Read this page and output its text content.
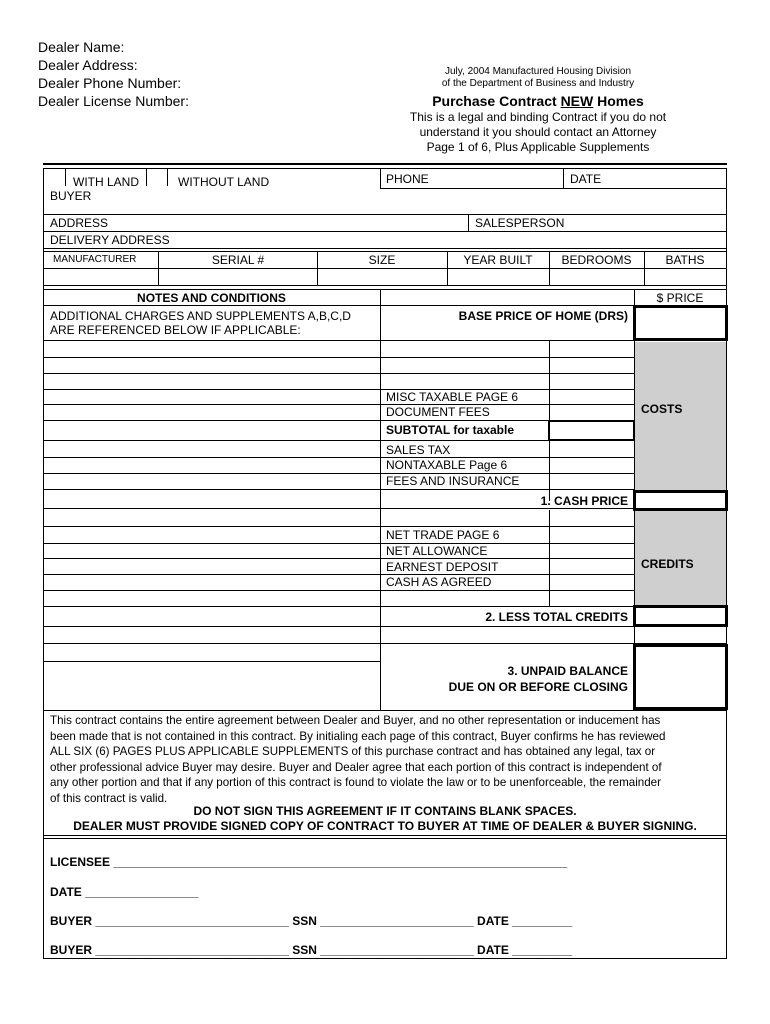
Dealer Name:
Dealer Address:
Dealer Phone Number:
Dealer License Number:
July, 2004 Manufactured Housing Division
of the Department of Business and Industry
Purchase Contract NEW Homes
This is a legal and binding Contract if you do not
understand it you should contact an Attorney
Page 1 of 6, Plus Applicable Supplements
WITH LAND	WITHOUT LAND	PHONE	DATE
BUYER
ADDRESS	SALESPERSON
DELIVERY ADDRESS
MANUFACTURER	SERIAL #	SIZE	YEAR BUILT	BEDROOMS	BATHS
NOTES AND CONDITIONS	$ PRICE
ADDITIONAL CHARGES AND SUPPLEMENTS A,B,C,D
ARE REFERENCED BELOW IF APPLICABLE:
BASE PRICE OF HOME (DRS)
COSTS
MISC TAXABLE PAGE 6
DOCUMENT FEES
SUBTOTAL for taxable
SALES TAX
NONTAXABLE Page 6
FEES AND INSURANCE
1. CASH PRICE
CREDITS
NET TRADE PAGE 6
NET ALLOWANCE
EARNEST DEPOSIT
CASH AS AGREED
2. LESS TOTAL CREDITS
3. UNPAID BALANCE
DUE ON OR BEFORE CLOSING
This contract contains the entire agreement between Dealer and Buyer, and no other representation or inducement has
been made that is not contained in this contract. By initialing each page of this contract, Buyer confirms he has reviewed
ALL SIX (6) PAGES PLUS APPLICABLE SUPPLEMENTS of this purchase contract and has obtained any legal, tax or
other professional advice Buyer may desire. Buyer and Dealer agree that each portion of this contract is independent of
any other portion and that if any portion of this contract is found to violate the law or to be unenforceable, the remainder
of this contract is valid.
DO NOT SIGN THIS AGREEMENT IF IT CONTAINS BLANK SPACES.
DEALER MUST PROVIDE SIGNED COPY OF CONTRACT TO BUYER AT TIME OF DEALER & BUYER SIGNING.
LICENSEE ____________________________________________________________________
DATE _________________
BUYER _____________________________ SSN _______________________ DATE _________
BUYER _____________________________ SSN _______________________ DATE _________
